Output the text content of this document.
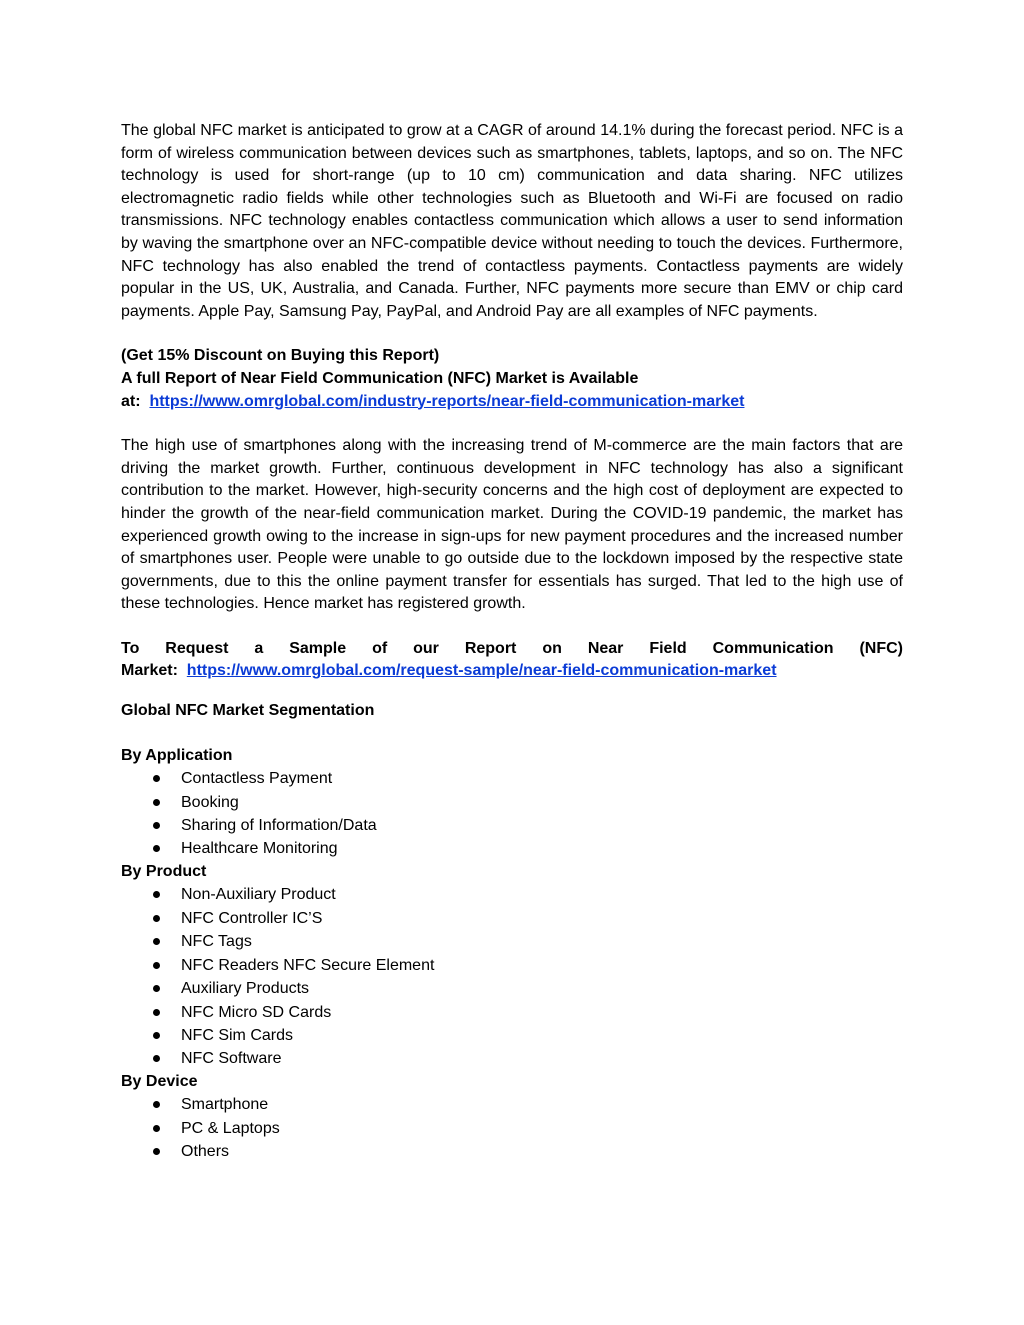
The global NFC market is anticipated to grow at a CAGR of around 14.1% during the forecast period. NFC is a form of wireless communication between devices such as smartphones, tablets, laptops, and so on. The NFC technology is used for short-range (up to 10 cm) communication and data sharing. NFC utilizes electromagnetic radio fields while other technologies such as Bluetooth and Wi-Fi are focused on radio transmissions. NFC technology enables contactless communication which allows a user to send information by waving the smartphone over an NFC-compatible device without needing to touch the devices. Furthermore, NFC technology has also enabled the trend of contactless payments. Contactless payments are widely popular in the US, UK, Australia, and Canada. Further, NFC payments more secure than EMV or chip card payments. Apple Pay, Samsung Pay, PayPal, and Android Pay are all examples of NFC payments.

(Get 15% Discount on Buying this Report)

A full Report of Near Field Communication (NFC) Market is Available

at: https://www.omrglobal.com/industry-reports/near-field-communication-market

The high use of smartphones along with the increasing trend of M-commerce are the main factors that are driving the market growth. Further, continuous development in NFC technology has also a significant contribution to the market. However, high-security concerns and the high cost of deployment are expected to hinder the growth of the near-field communication market. During the COVID-19 pandemic, the market has experienced growth owing to the increase in sign-ups for new payment procedures and the increased number of smartphones user. People were unable to go outside due to the lockdown imposed by the respective state governments, due to this the online payment transfer for essentials has surged. That led to the high use of these technologies. Hence market has registered growth.

To Request a Sample of our Report on Near Field Communication (NFC)

Market: https://www.omrglobal.com/request-sample/near-field-communication-market

Global NFC Market Segmentation

By Application

Contactless Payment
Booking
Sharing of Information/Data
Healthcare Monitoring

By Product

Non-Auxiliary Product
NFC Controller IC’S
NFC Tags
NFC Readers NFC Secure Element
Auxiliary Products
NFC Micro SD Cards
NFC Sim Cards
NFC Software

By Device

Smartphone
PC & Laptops
Others
